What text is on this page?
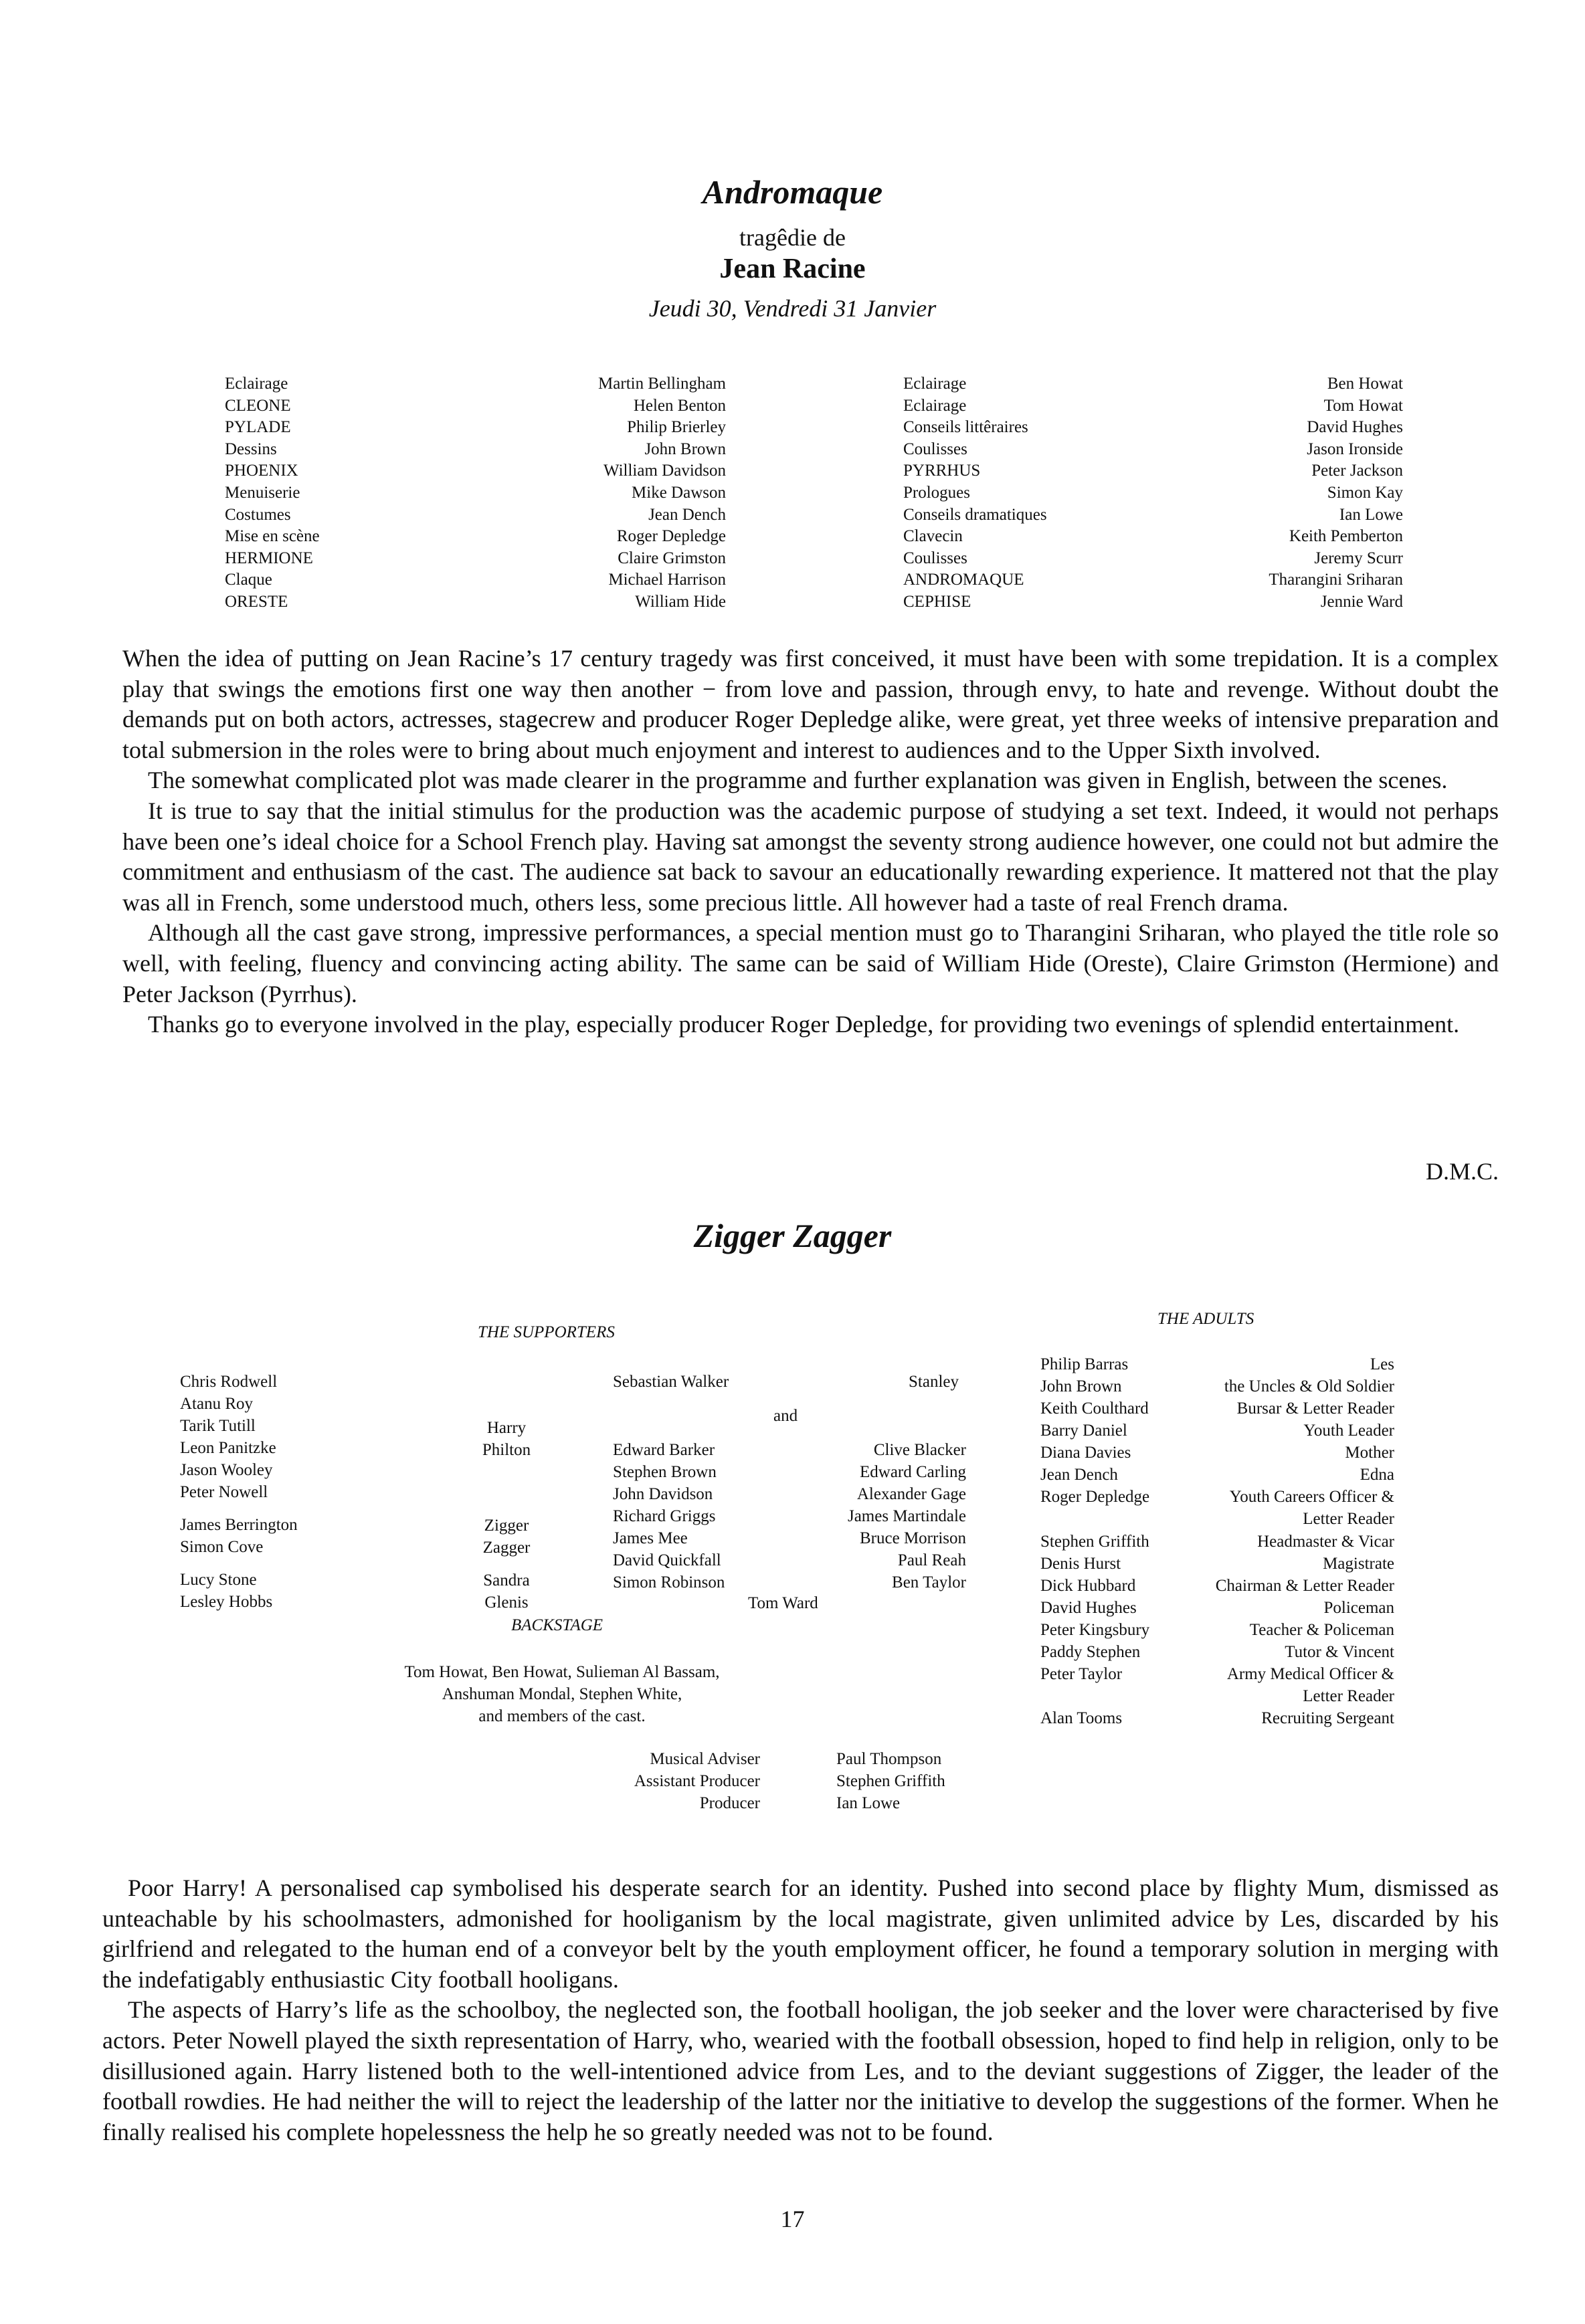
Andromaque
tragêdie de
Jean Racine
Jeudi 30, Vendredi 31 Janvier
Eclairage
CLEONE
PYLADE
Dessins
PHOENIX
Menuiserie
Costumes
Mise en scène
HERMIONE
Claque
ORESTE
Martin Bellingham
Helen Benton
Philip Brierley
John Brown
William Davidson
Mike Dawson
Jean Dench
Roger Depledge
Claire Grimston
Michael Harrison
William Hide
Eclairage
Eclairage
Conseils littêraires
Coulisses
PYRRHUS
Prologues
Conseils dramatiques
Clavecin
Coulisses
ANDROMAQUE
CEPHISE
Ben Howat
Tom Howat
David Hughes
Jason Ironside
Peter Jackson
Simon Kay
Ian Lowe
Keith Pemberton
Jeremy Scurr
Tharangini Sriharan
Jennie Ward

When the idea of putting on Jean Racine’s 17 century tragedy was first conceived, it must have been with some trepidation. It is a complex play that swings the emotions first one way then another − from love and passion, through envy, to hate and revenge. Without doubt the demands put on both actors, actresses, stagecrew and producer Roger Depledge alike, were great, yet three weeks of intensive preparation and total submersion in the roles were to bring about much enjoyment and interest to audiences and to the Upper Sixth involved.

The somewhat complicated plot was made clearer in the programme and further explanation was given in English, between the scenes.

It is true to say that the initial stimulus for the production was the academic purpose of studying a set text. Indeed, it would not perhaps have been one’s ideal choice for a School French play. Having sat amongst the seventy strong audience however, one could not but admire the commitment and enthusiasm of the cast. The audience sat back to savour an educationally rewarding experience. It mattered not that the play was all in French, some understood much, others less, some precious little. All however had a taste of real French drama.

Although all the cast gave strong, impressive performances, a special mention must go to Tharangini Sriharan, who played the title role so well, with feeling, fluency and convincing acting ability. The same can be said of William Hide (Oreste), Claire Grimston (Hermione) and Peter Jackson (Pyrrhus).

Thanks go to everyone involved in the play, especially producer Roger Depledge, for providing two evenings of splendid entertainment.

D.M.C.
Zigger Zagger
THE SUPPORTERS
THE ADULTS
Chris Rodwell
Atanu Roy
Tarik Tutill
Leon Panitzke
Jason Wooley
Peter Nowell
James Berrington
Simon Cove
Lucy Stone
Lesley Hobbs
Harry
Philton
Zigger
Zagger
Sandra
Glenis
Sebastian Walker	Stanley
and
Edward Barker
Stephen Brown
John Davidson
Richard Griggs
James Mee
David Quickfall
Simon Robinson
Clive Blacker
Edward Carling
Alexander Gage
James Martindale
Bruce Morrison
Paul Reah
Ben Taylor
Tom Ward
BACKSTAGE
Tom Howat, Ben Howat, Sulieman Al Bassam,
Anshuman Mondal, Stephen White,
and members of the cast.
Musical Adviser
Assistant Producer
Producer
Paul Thompson
Stephen Griffith
Ian Lowe
Philip Barras
John Brown
Keith Coulthard
Barry Daniel
Diana Davies
Jean Dench
Roger Depledge
Stephen Griffith
Denis Hurst
Dick Hubbard
David Hughes
Peter Kingsbury
Paddy Stephen
Peter Taylor
Alan Tooms
Les
the Uncles & Old Soldier
Bursar & Letter Reader
Youth Leader
Mother
Edna
Youth Careers Officer &
Letter Reader
Headmaster & Vicar
Magistrate
Chairman & Letter Reader
Policeman
Teacher & Policeman
Tutor & Vincent
Army Medical Officer &
Letter Reader
Recruiting Sergeant

Poor Harry! A personalised cap symbolised his desperate search for an identity. Pushed into second place by flighty Mum, dismissed as unteachable by his schoolmasters, admonished for hooliganism by the local magistrate, given unlimited advice by Les, discarded by his girlfriend and relegated to the human end of a conveyor belt by the youth employment officer, he found a temporary solution in merging with the indefatigably enthusiastic City football hooligans.

The aspects of Harry’s life as the schoolboy, the neglected son, the football hooligan, the job seeker and the lover were characterised by five actors. Peter Nowell played the sixth representation of Harry, who, wearied with the football obsession, hoped to find help in religion, only to be disillusioned again. Harry listened both to the well-intentioned advice from Les, and to the deviant suggestions of Zigger, the leader of the football rowdies. He had neither the will to reject the leadership of the latter nor the initiative to develop the suggestions of the former. When he finally realised his complete hopelessness the help he so greatly needed was not to be found.

17
